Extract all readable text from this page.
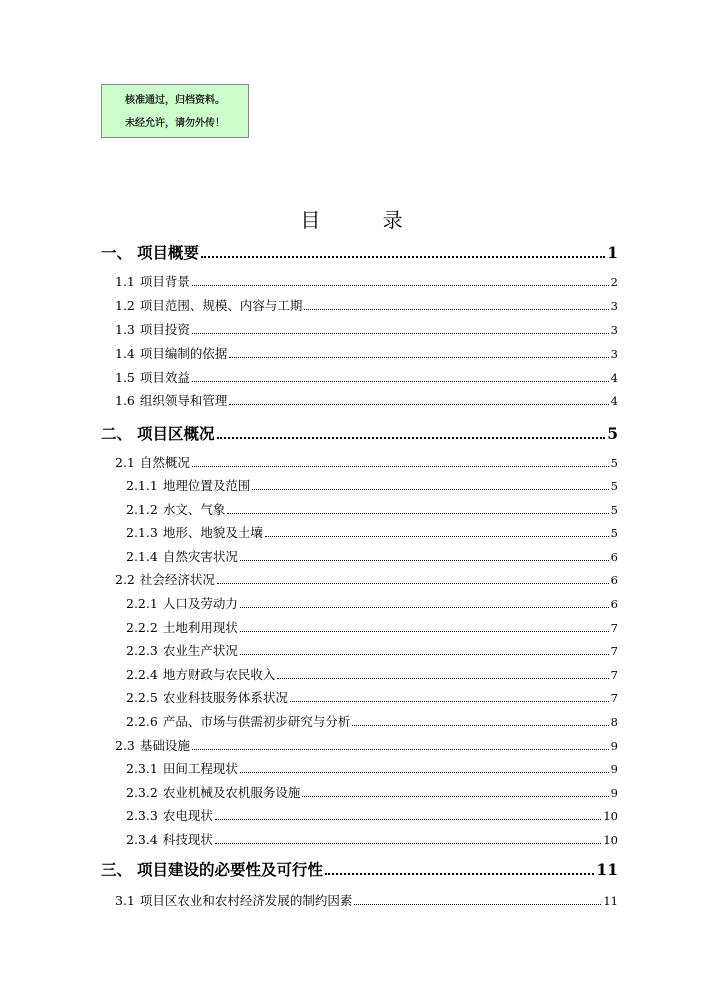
核准通过，归档资料。
未经允许，请勿外传！
目 录
一、 项目概要	1
1.1 项目背景	2
1.2 项目范围、规模、内容与工期	3
1.3 项目投资	3
1.4 项目编制的依据	3
1.5 项目效益	4
1.6 组织领导和管理	4
二、 项目区概况	5
2.1 自然概况	5
2.1.1 地理位置及范围	5
2.1.2 水文、气象	5
2.1.3 地形、地貌及土壤	5
2.1.4 自然灾害状况	6
2.2 社会经济状况	6
2.2.1 人口及劳动力	6
2.2.2 土地利用现状	7
2.2.3 农业生产状况	7
2.2.4 地方财政与农民收入	7
2.2.5 农业科技服务体系状况	7
2.2.6 产品、市场与供需初步研究与分析	8
2.3 基础设施	9
2.3.1 田间工程现状	9
2.3.2 农业机械及农机服务设施	9
2.3.3 农电现状	10
2.3.4 科技现状	10
三、 项目建设的必要性及可行性	11
3.1 项目区农业和农村经济发展的制约因素	11
